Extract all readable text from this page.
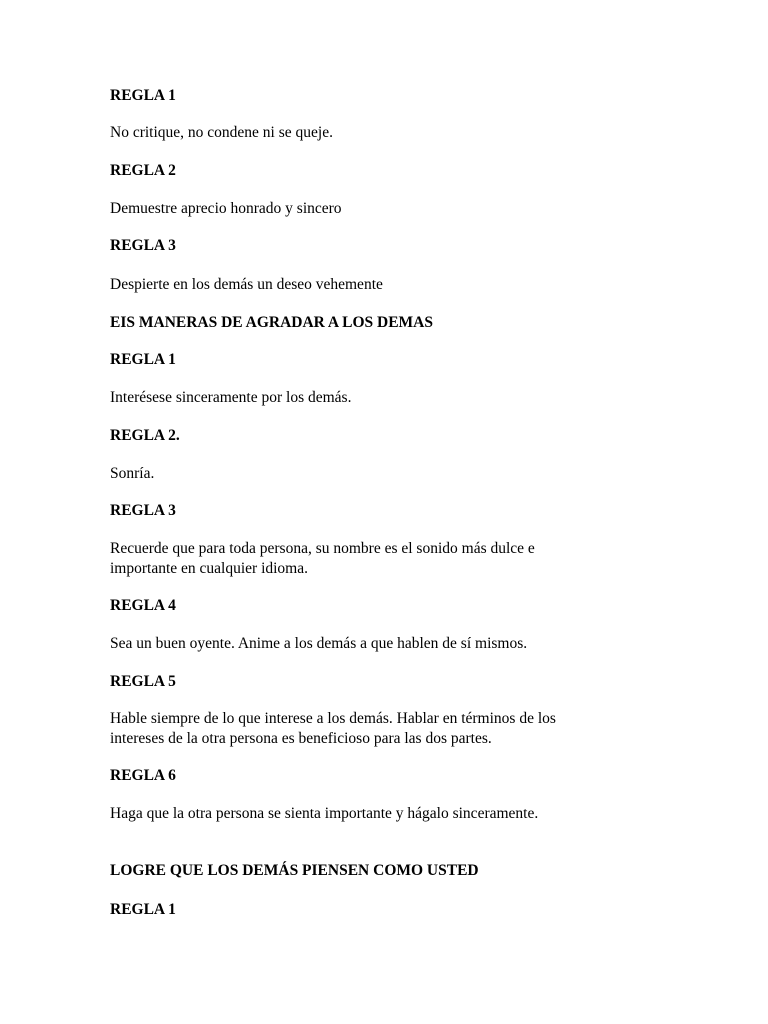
REGLA 1
No critique, no condene ni se queje.
REGLA 2
Demuestre aprecio honrado y sincero
REGLA 3
Despierte en los demás un deseo vehemente
EIS MANERAS DE AGRADAR A LOS DEMAS
REGLA 1
Interésese sinceramente por los demás.
REGLA 2.
Sonría.
REGLA 3
Recuerde que para toda persona, su nombre es el sonido más dulce e
importante en cualquier idioma.
REGLA 4
Sea un buen oyente. Anime a los demás a que hablen de sí mismos.
REGLA 5
Hable siempre de lo que interese a los demás. Hablar en términos de los
intereses de la otra persona es beneficioso para las dos partes.
REGLA 6
Haga que la otra persona se sienta importante y hágalo sinceramente.
LOGRE QUE LOS DEMÁS PIENSEN COMO USTED
REGLA 1
